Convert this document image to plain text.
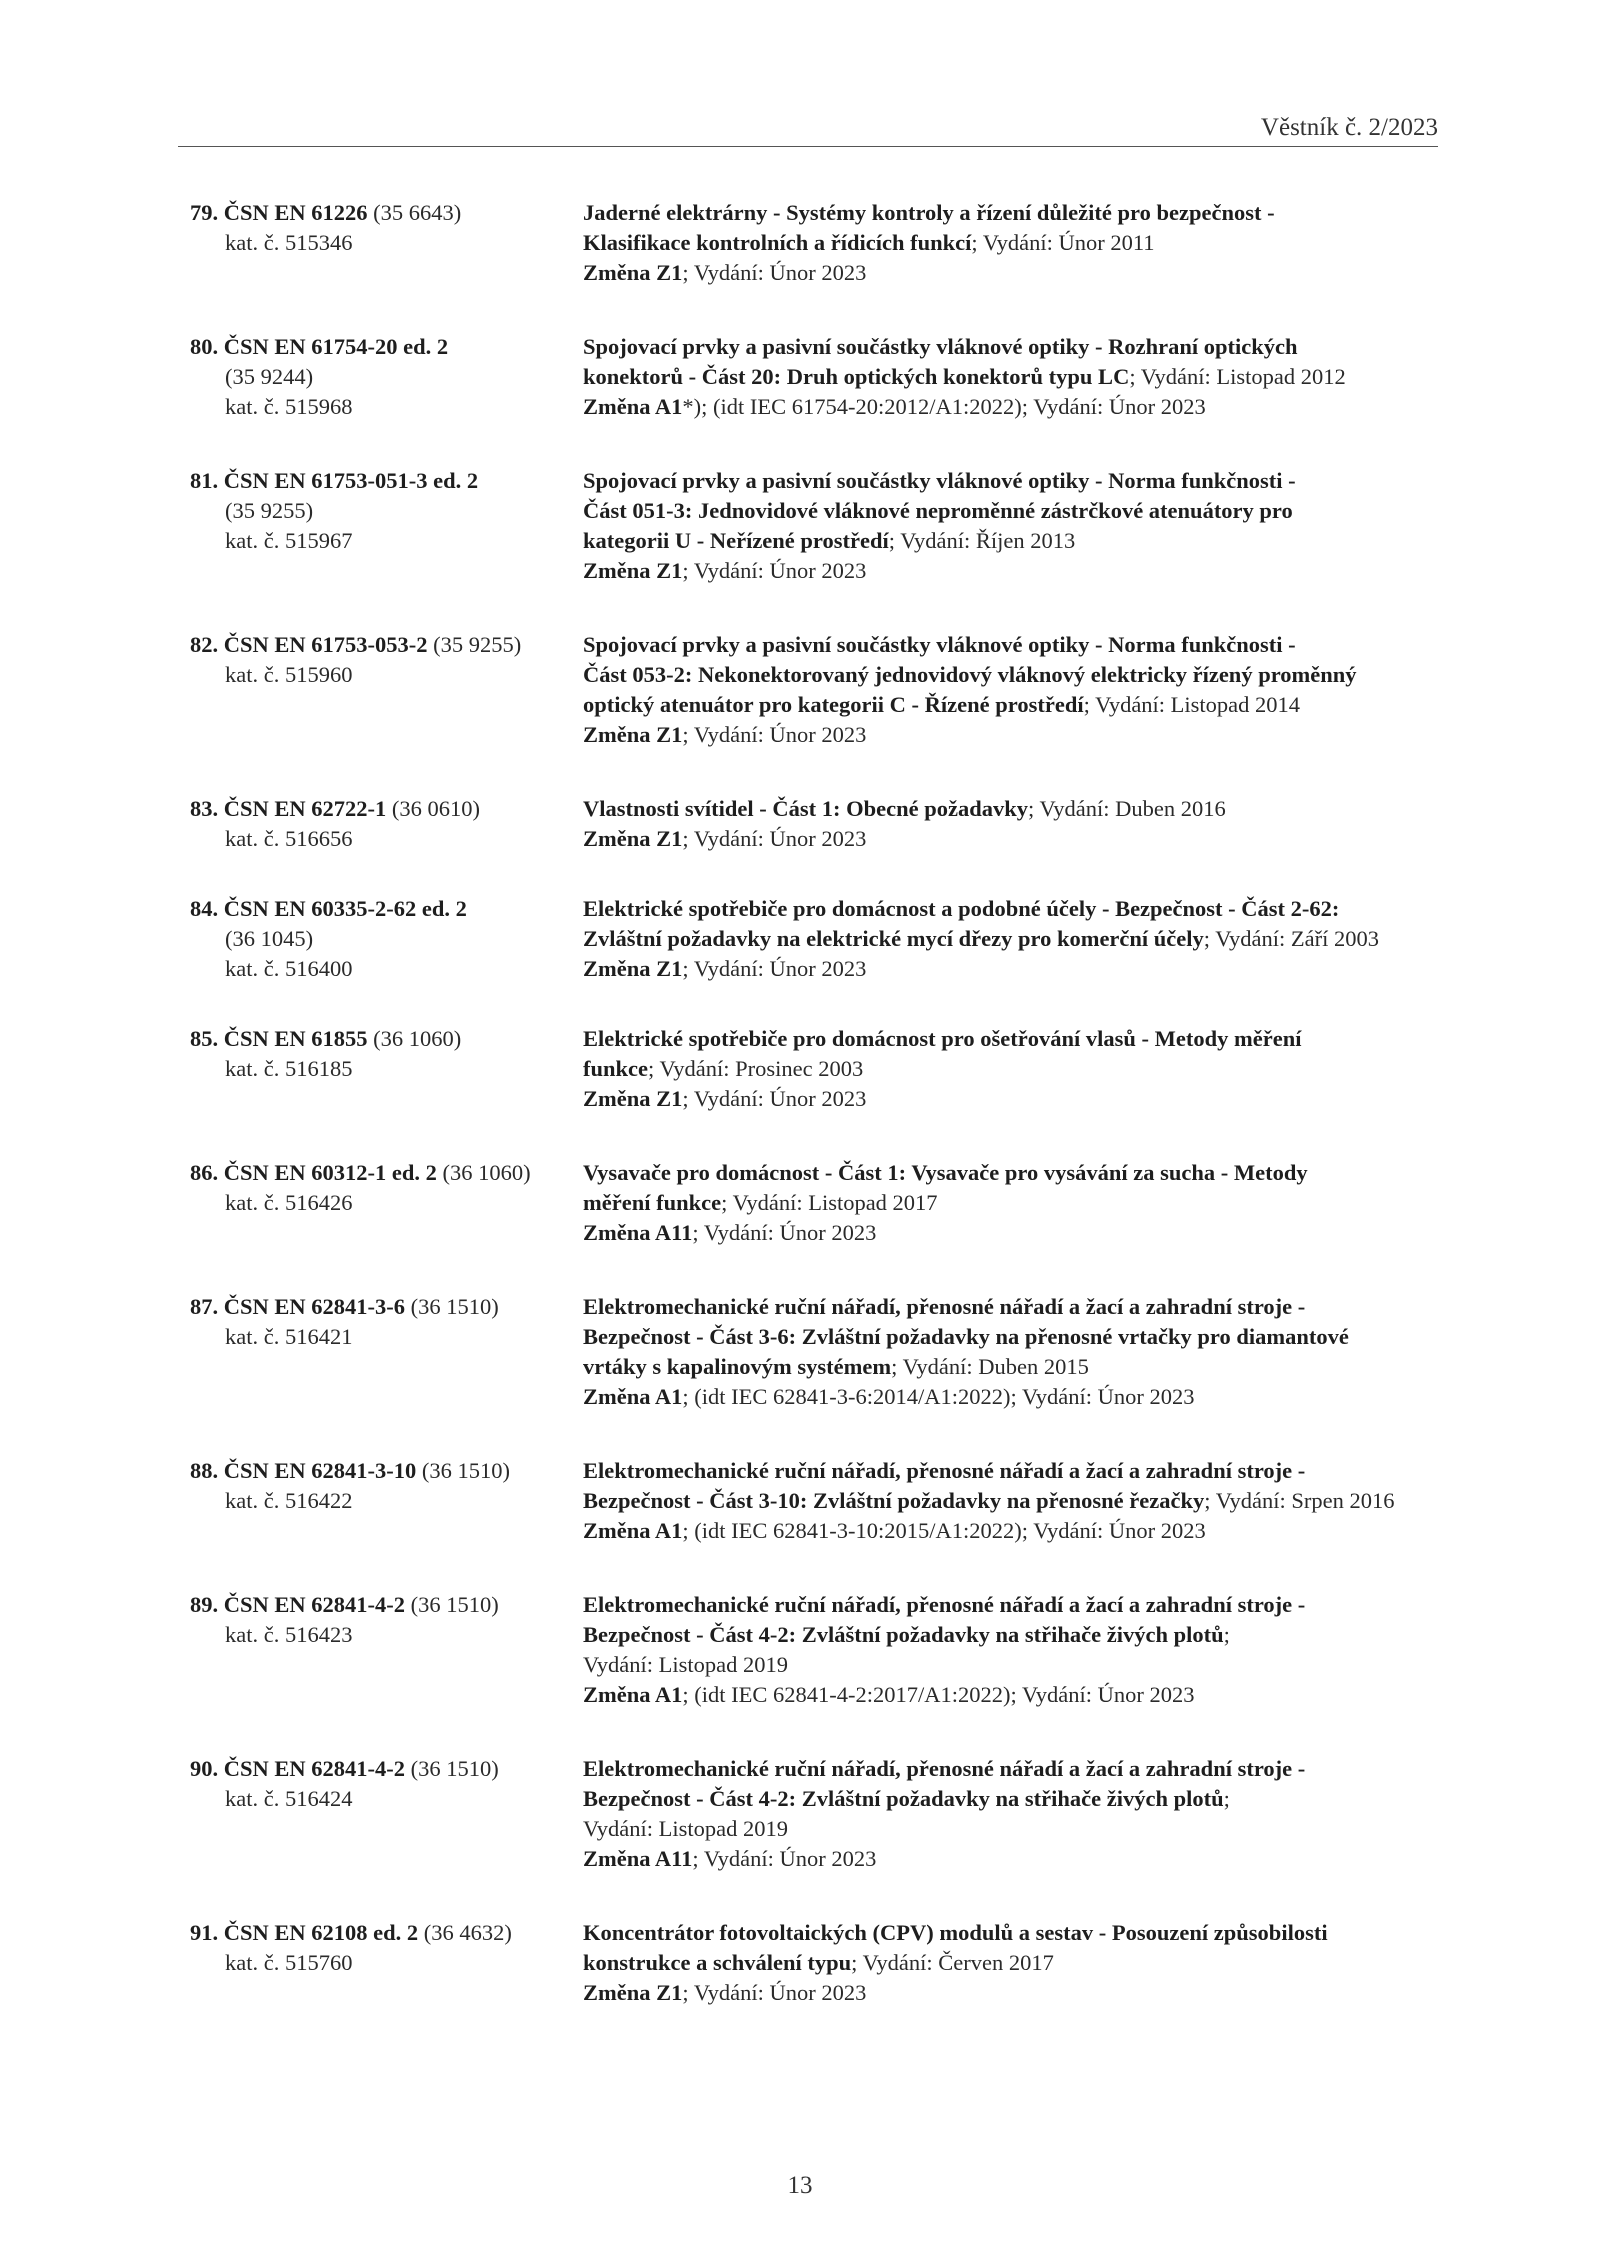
Věstník č. 2/2023
79. ČSN EN 61226 (35 6643)
kat. č. 515346
Jaderné elektrárny - Systémy kontroly a řízení důležité pro bezpečnost -
Klasifikace kontrolních a řídicích funkcí; Vydání: Únor 2011
Změna Z1; Vydání: Únor 2023
80. ČSN EN 61754-20 ed. 2
(35 9244)
kat. č. 515968
Spojovací prvky a pasivní součástky vláknové optiky - Rozhraní optických
konektorů - Část 20: Druh optických konektorů typu LC; Vydání: Listopad 2012
Změna A1*); (idt IEC 61754-20:2012/A1:2022); Vydání: Únor 2023
81. ČSN EN 61753-051-3 ed. 2
(35 9255)
kat. č. 515967
Spojovací prvky a pasivní součástky vláknové optiky - Norma funkčnosti -
Část 051-3: Jednovidové vláknové neproměnné zástrčkové atenuátory pro
kategorii U - Neřízené prostředí; Vydání: Říjen 2013
Změna Z1; Vydání: Únor 2023
82. ČSN EN 61753-053-2 (35 9255)
kat. č. 515960
Spojovací prvky a pasivní součástky vláknové optiky - Norma funkčnosti -
Část 053-2: Nekonektorovaný jednovidový vláknový elektricky řízený proměnný
optický atenuátor pro kategorii C - Řízené prostředí; Vydání: Listopad 2014
Změna Z1; Vydání: Únor 2023
83. ČSN EN 62722-1 (36 0610)
kat. č. 516656
Vlastnosti svítidel - Část 1: Obecné požadavky; Vydání: Duben 2016
Změna Z1; Vydání: Únor 2023
84. ČSN EN 60335-2-62 ed. 2
(36 1045)
kat. č. 516400
Elektrické spotřebiče pro domácnost a podobné účely - Bezpečnost - Část 2-62:
Zvláštní požadavky na elektrické mycí dřezy pro komerční účely; Vydání: Září 2003
Změna Z1; Vydání: Únor 2023
85. ČSN EN 61855 (36 1060)
kat. č. 516185
Elektrické spotřebiče pro domácnost pro ošetřování vlasů - Metody měření
funkce; Vydání: Prosinec 2003
Změna Z1; Vydání: Únor 2023
86. ČSN EN 60312-1 ed. 2 (36 1060)
kat. č. 516426
Vysavače pro domácnost - Část 1: Vysavače pro vysávání za sucha - Metody
měření funkce; Vydání: Listopad 2017
Změna A11; Vydání: Únor 2023
87. ČSN EN 62841-3-6 (36 1510)
kat. č. 516421
Elektromechanické ruční nářadí, přenosné nářadí a žací a zahradní stroje -
Bezpečnost - Část 3-6: Zvláštní požadavky na přenosné vrtačky pro diamantové
vrtáky s kapalinovým systémem; Vydání: Duben 2015
Změna A1; (idt IEC 62841-3-6:2014/A1:2022); Vydání: Únor 2023
88. ČSN EN 62841-3-10 (36 1510)
kat. č. 516422
Elektromechanické ruční nářadí, přenosné nářadí a žací a zahradní stroje -
Bezpečnost - Část 3-10: Zvláštní požadavky na přenosné řezačky; Vydání: Srpen 2016
Změna A1; (idt IEC 62841-3-10:2015/A1:2022); Vydání: Únor 2023
89. ČSN EN 62841-4-2 (36 1510)
kat. č. 516423
Elektromechanické ruční nářadí, přenosné nářadí a žací a zahradní stroje -
Bezpečnost - Část 4-2: Zvláštní požadavky na střihače živých plotů;
Vydání: Listopad 2019
Změna A1; (idt IEC 62841-4-2:2017/A1:2022); Vydání: Únor 2023
90. ČSN EN 62841-4-2 (36 1510)
kat. č. 516424
Elektromechanické ruční nářadí, přenosné nářadí a žací a zahradní stroje -
Bezpečnost - Část 4-2: Zvláštní požadavky na střihače živých plotů;
Vydání: Listopad 2019
Změna A11; Vydání: Únor 2023
91. ČSN EN 62108 ed. 2 (36 4632)
kat. č. 515760
Koncentrátor fotovoltaických (CPV) modulů a sestav - Posouzení způsobilosti
konstrukce a schválení typu; Vydání: Červen 2017
Změna Z1; Vydání: Únor 2023
13
